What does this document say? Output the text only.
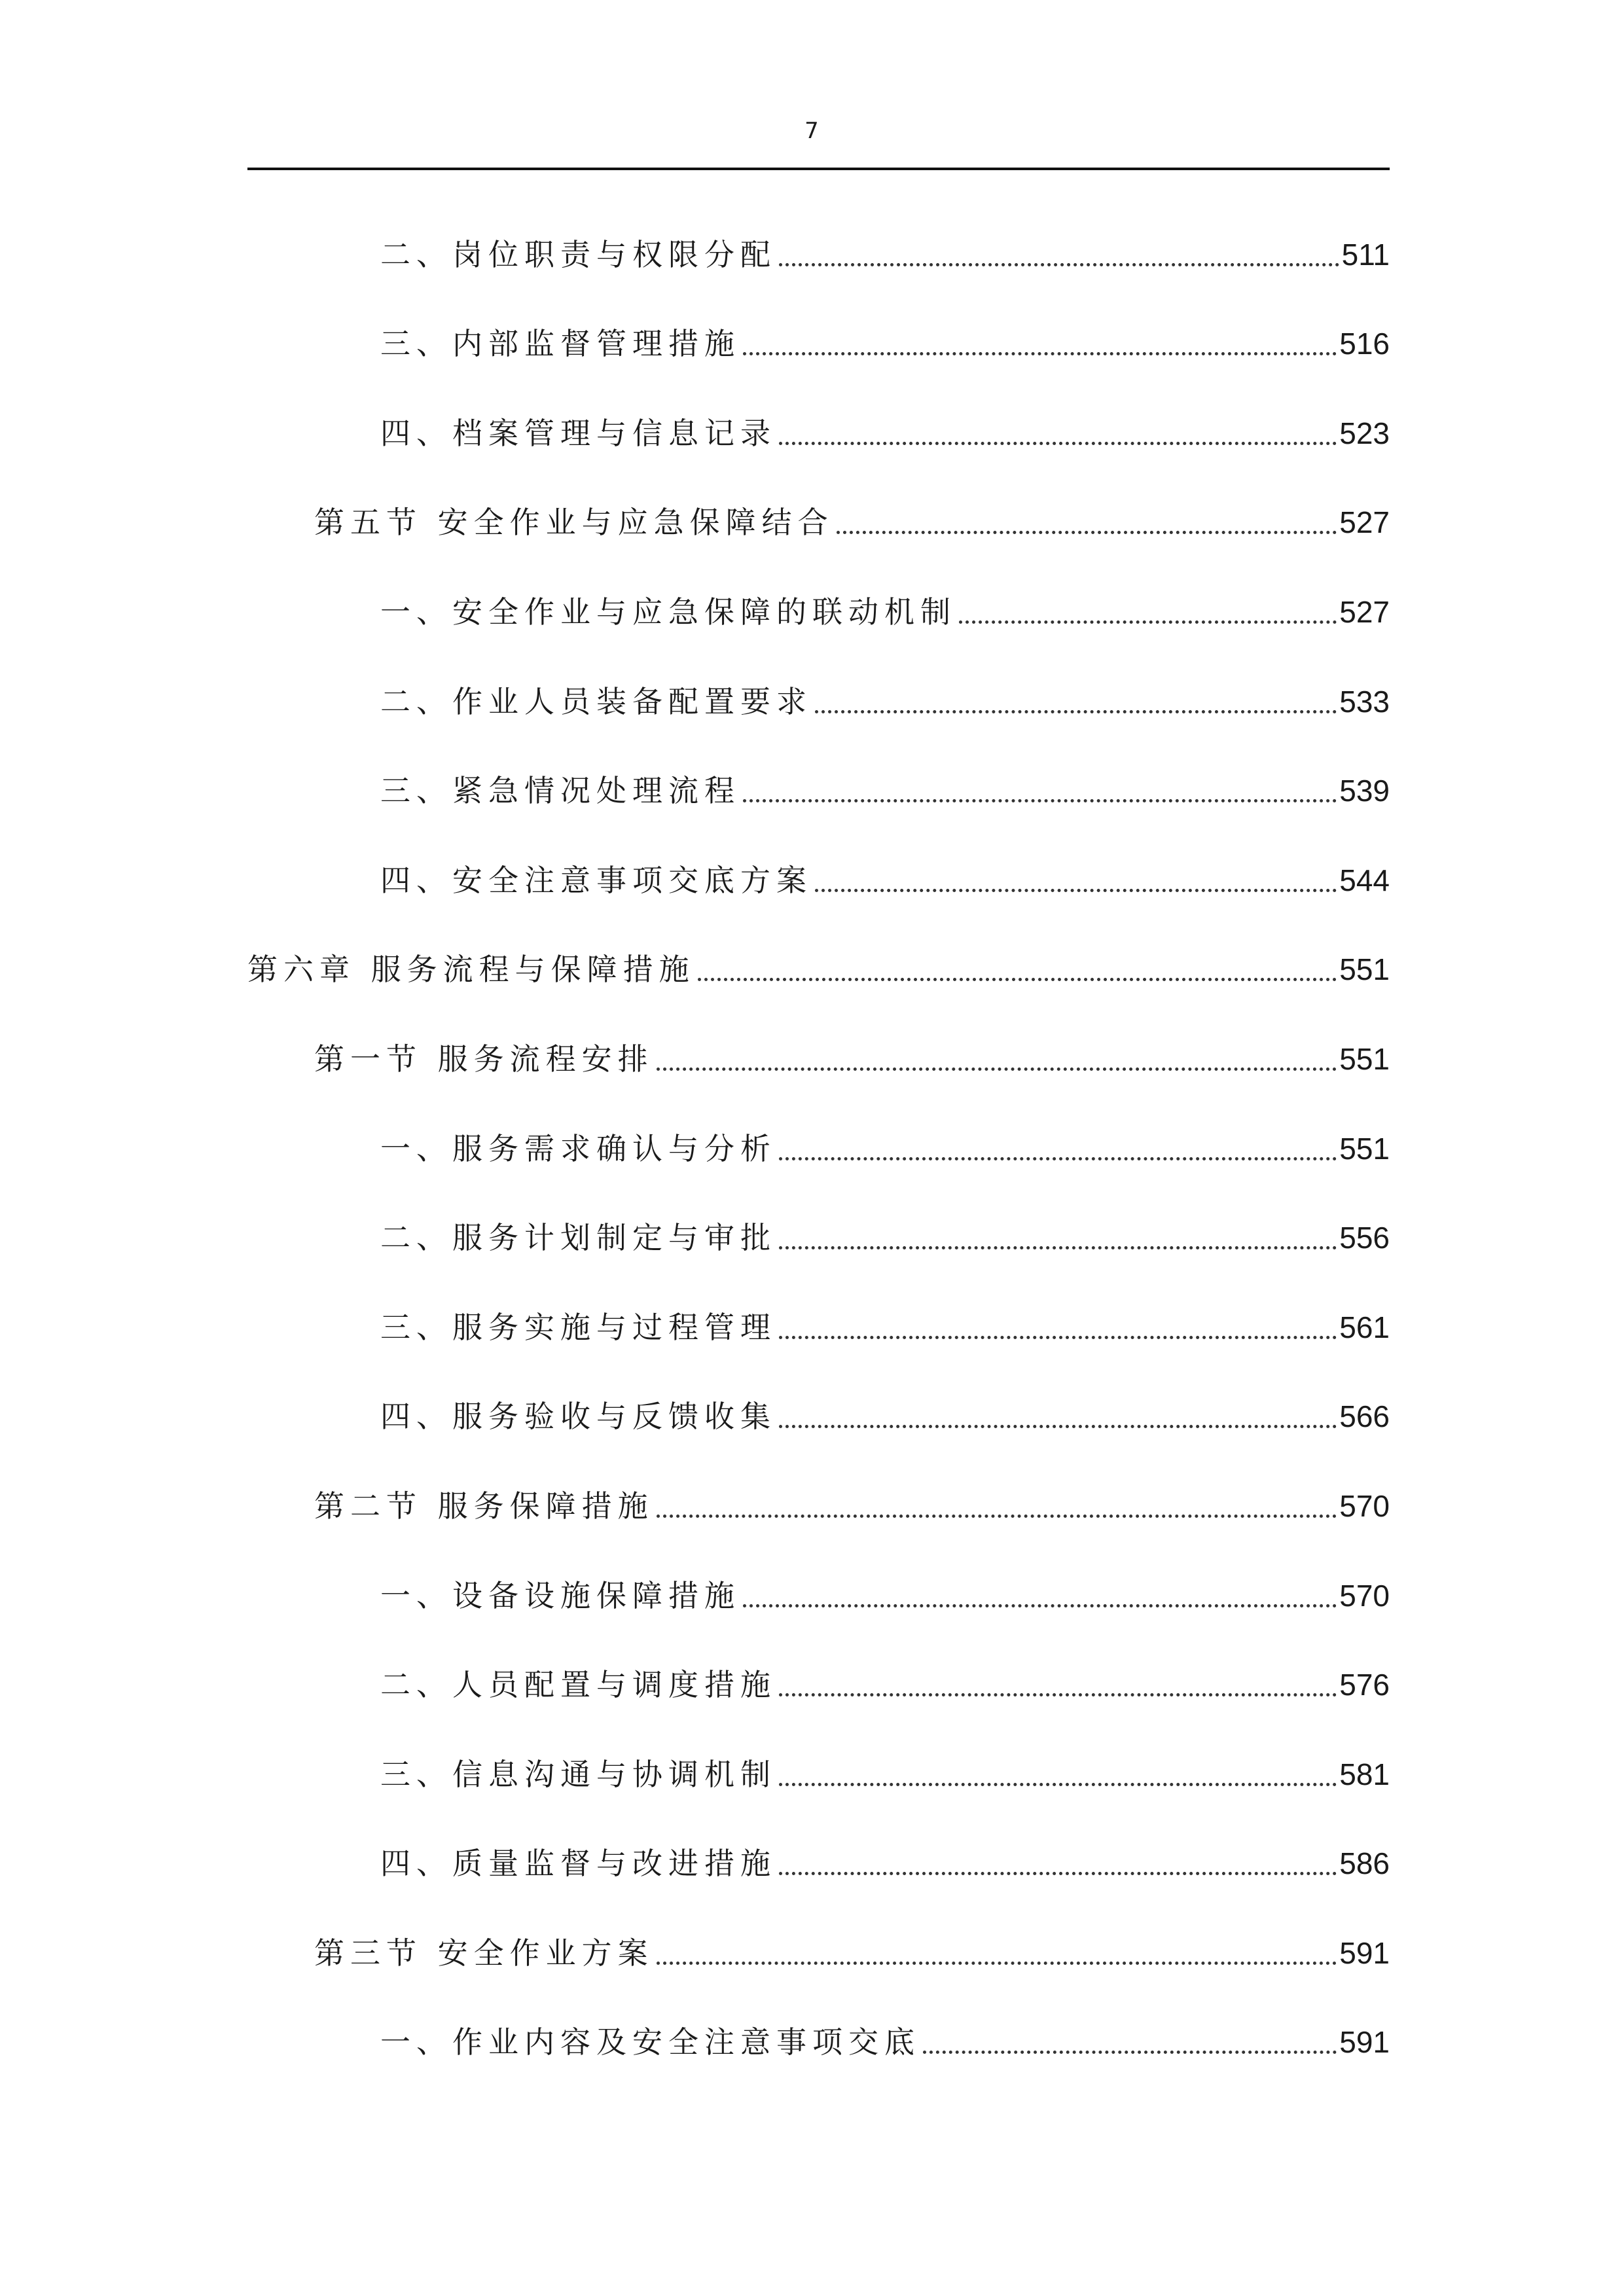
7
二、岗位职责与权限分配	511
三、内部监督管理措施	516
四、档案管理与信息记录	523
第五节 安全作业与应急保障结合	527
一、安全作业与应急保障的联动机制	527
二、作业人员装备配置要求	533
三、紧急情况处理流程	539
四、安全注意事项交底方案	544
第六章 服务流程与保障措施	551
第一节 服务流程安排	551
一、服务需求确认与分析	551
二、服务计划制定与审批	556
三、服务实施与过程管理	561
四、服务验收与反馈收集	566
第二节 服务保障措施	570
一、设备设施保障措施	570
二、人员配置与调度措施	576
三、信息沟通与协调机制	581
四、质量监督与改进措施	586
第三节 安全作业方案	591
一、作业内容及安全注意事项交底	591
